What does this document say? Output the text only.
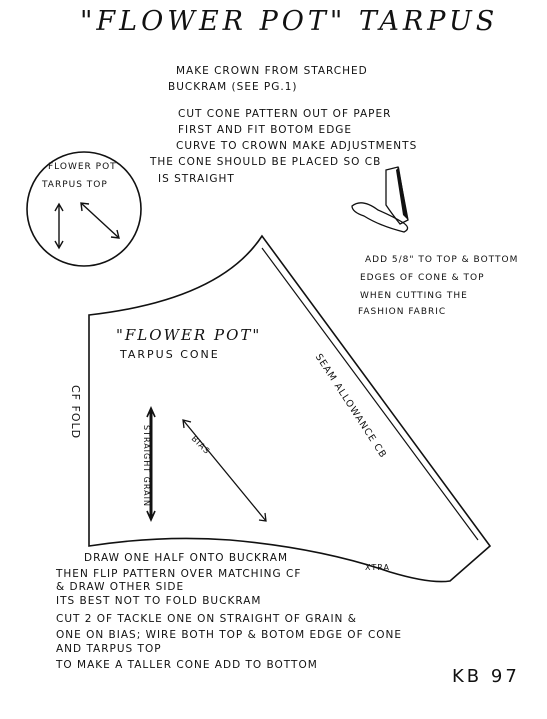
"FLOWER POT" TARPUS
MAKE CROWN FROM STARCHED
BUCKRAM (SEE PG.1)
CUT CONE PATTERN OUT OF PAPER
FIRST AND FIT BOTOM EDGE
CURVE TO CROWN MAKE ADJUSTMENTS
THE CONE SHOULD BE PLACED SO CB
IS STRAIGHT
FLOWER POT
TARPUS TOP
ADD 5/8" TO TOP & BOTTOM
EDGES OF CONE & TOP
WHEN CUTTING THE
FASHION FABRIC
"FLOWER POT"
TARPUS CONE
CF FOLD
STRAIGHT GRAIN	BIAS	SEAM ALLOWANCE CB
XTRA
DRAW ONE HALF ONTO BUCKRAM
THEN FLIP PATTERN OVER MATCHING CF
& DRAW OTHER SIDE
ITS BEST NOT TO FOLD BUCKRAM
CUT 2 OF TACKLE ONE ON STRAIGHT OF GRAIN &
ONE ON BIAS; WIRE BOTH TOP & BOTOM EDGE OF CONE
AND TARPUS TOP
TO MAKE A TALLER CONE ADD TO BOTTOM
KB 97
